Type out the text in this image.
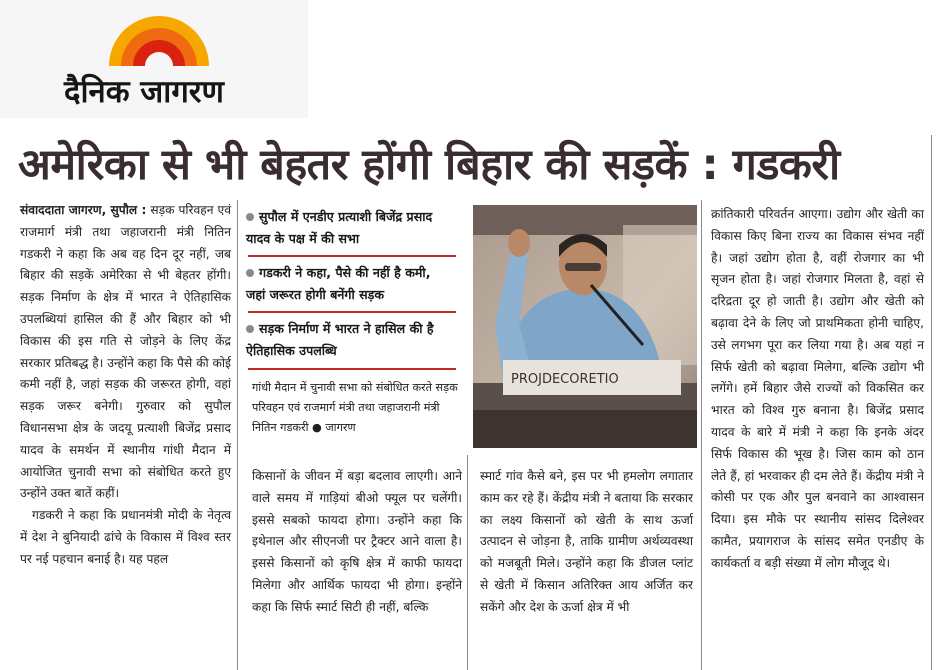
दैनिक जागरण
अमेरिका से भी बेहतर होंगी बिहार की सड़कें : गडकरी

संवाददाता जागरण, सुपौल : सड़क परिवहन एवं राजमार्ग मंत्री तथा जहाजरानी मंत्री नितिन गडकरी ने कहा कि अब वह दिन दूर नहीं, जब बिहार की सड़कें अमेरिका से भी बेहतर होंगी। सड़क निर्माण के क्षेत्र में भारत ने ऐतिहासिक उपलब्धियां हासिल की हैं और बिहार को भी विकास की इस गति से जोड़ने के लिए केंद्र सरकार प्रतिबद्ध है। उन्होंने कहा कि पैसे की कोई कमी नहीं है, जहां सड़क की जरूरत होगी, वहां सड़क जरूर बनेगी। गुरुवार को सुपौल विधानसभा क्षेत्र के जदयू प्रत्याशी बिजेंद्र प्रसाद यादव के समर्थन में स्थानीय गांधी मैदान में आयोजित चुनावी सभा को संबोधित करते हुए उन्होंने उक्त बातें कहीं।

गडकरी ने कहा कि प्रधानमंत्री मोदी के नेतृत्व में देश ने बुनियादी ढांचे के विकास में विश्व स्तर पर नई पहचान बनाई है। यह पहल

सुपौल में एनडीए प्रत्याशी बिजेंद्र प्रसाद यादव के पक्ष में की सभा
गडकरी ने कहा, पैसे की नहीं है कमी, जहां जरूरत होगी बनेंगी सड़क
सड़क निर्माण में भारत ने हासिल की है ऐतिहासिक उपलब्धि
गांधी मैदान में चुनावी सभा को संबोधित करते सड़क परिवहन एवं राजमार्ग मंत्री तथा जहाजरानी मंत्री नितिन गडकरी ● जागरण
PROJDECORETIO

किसानों के जीवन में बड़ा बदलाव लाएगी। आने वाले समय में गाड़ियां बीओ फ्यूल पर चलेंगी। इससे सबको फायदा होगा। उन्होंने कहा कि इथेनाल और सीएनजी पर ट्रैक्टर आने वाला है। इससे किसानों को कृषि क्षेत्र में काफी फायदा मिलेगा और आर्थिक फायदा भी होगा। इन्होंने कहा कि सिर्फ स्मार्ट सिटी ही नहीं, बल्कि

स्मार्ट गांव कैसे बने, इस पर भी हमलोग लगातार काम कर रहे हैं। केंद्रीय मंत्री ने बताया कि सरकार का लक्ष्य किसानों को खेती के साथ ऊर्जा उत्पादन से जोड़ना है, ताकि ग्रामीण अर्थव्यवस्था को मजबूती मिले। उन्होंने कहा कि डीजल प्लांट से खेती में किसान अतिरिक्त आय अर्जित कर सकेंगे और देश के ऊर्जा क्षेत्र में भी

क्रांतिकारी परिवर्तन आएगा। उद्योग और खेती का विकास किए बिना राज्य का विकास संभव नहीं है। जहां उद्योग होता है, वहीं रोजगार का भी सृजन होता है। जहां रोजगार मिलता है, वहां से दरिद्रता दूर हो जाती है। उद्योग और खेती को बढ़ावा देने के लिए जो प्राथमिकता होनी चाहिए, उसे लगभग पूरा कर लिया गया है। अब यहां न सिर्फ खेती को बढ़ावा मिलेगा, बल्कि उद्योग भी लगेंगे। हमें बिहार जैसे राज्यों को विकसित कर भारत को विश्व गुरु बनाना है। बिजेंद्र प्रसाद यादव के बारे में मंत्री ने कहा कि इनके अंदर सिर्फ विकास की भूख है। जिस काम को ठान लेते हैं, हां भरवाकर ही दम लेते हैं। केंद्रीय मंत्री ने कोसी पर एक और पुल बनवाने का आश्वासन दिया। इस मौके पर स्थानीय सांसद दिलेश्वर कामैत, प्रयागराज के सांसद समेत एनडीए के कार्यकर्ता व बड़ी संख्या में लोग मौजूद थे।
